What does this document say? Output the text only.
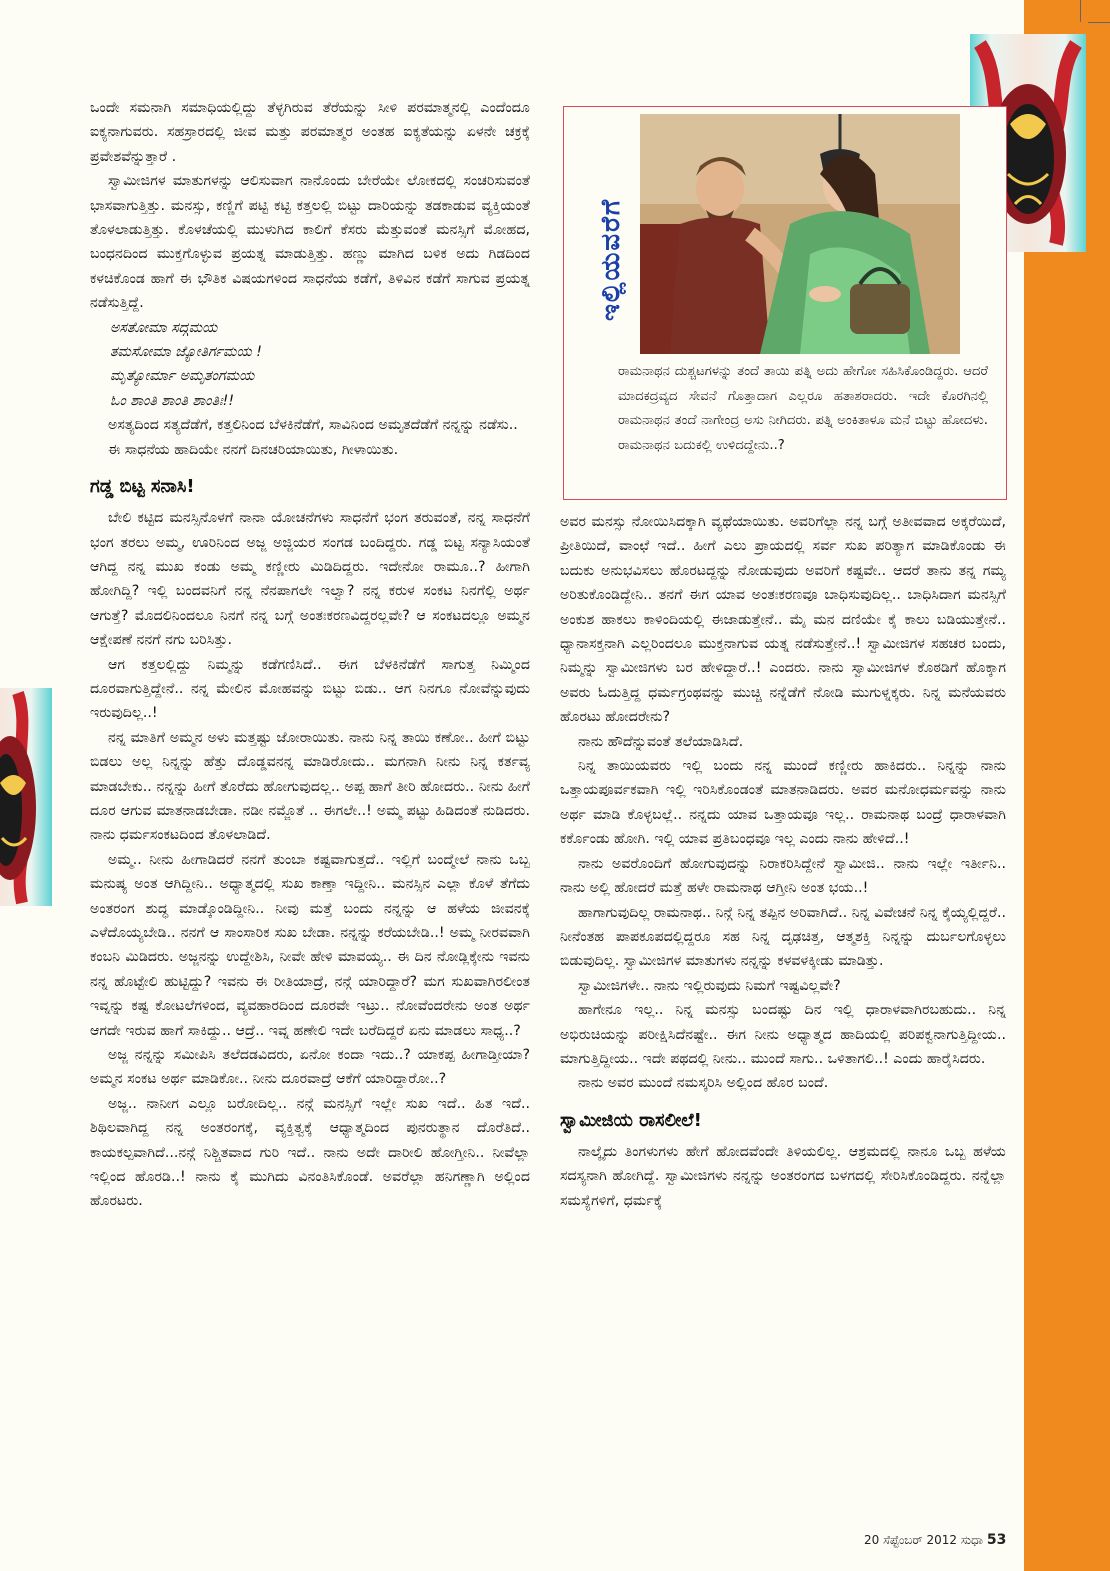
ಒಂದೇ ಸಮನಾಗಿ ಸಮಾಧಿಯಲ್ಲಿದ್ದು ತೆಳ್ಳಗಿರುವ ತೆರೆಯನ್ನು ಸೀಳಿ ಪರಮಾತ್ಮನಲ್ಲಿ ಎಂದೆಂದೂ ಐಕ್ಯನಾಗುವರು. ಸಹಸ್ರಾರದಲ್ಲಿ ಜೀವ ಮತ್ತು ಪರಮಾತ್ಮರ ಅಂತಹ ಐಕ್ಯತೆಯನ್ನು ಏಳನೇ ಚಕ್ರಕ್ಕೆ ಪ್ರವೇಶವೆನ್ನುತ್ತಾರೆ .

ಸ್ವಾಮೀಜಿಗಳ ಮಾತುಗಳನ್ನು ಆಲಿಸುವಾಗ ನಾನೊಂದು ಬೇರೆಯೇ ಲೋಕದಲ್ಲಿ ಸಂಚರಿಸುವಂತೆ ಭಾಸವಾಗುತ್ತಿತ್ತು. ಮನಸ್ಸು, ಕಣ್ಣಿಗೆ ಪಟ್ಟಿ ಕಟ್ಟಿ ಕತ್ತಲಲ್ಲಿ ಬಿಟ್ಟು ದಾರಿಯನ್ನು ತಡಕಾಡುವ ವ್ಯಕ್ತಿಯಂತೆ ತೊಳಲಾಡುತ್ತಿತ್ತು. ಕೊಳಚೆಯಲ್ಲಿ ಮುಳುಗಿದ ಕಾಲಿಗೆ ಕೆಸರು ಮೆತ್ತುವಂತೆ ಮನಸ್ಸಿಗೆ ಮೋಹದ, ಬಂಧನದಿಂದ ಮುಕ್ತಗೊಳ್ಳುವ ಪ್ರಯತ್ನ ಮಾಡುತ್ತಿತ್ತು. ಹಣ್ಣು ಮಾಗಿದ ಬಳಿಕ ಅದು ಗಿಡದಿಂದ ಕಳಚಿಕೊಂಡ ಹಾಗೆ ಈ ಭೌತಿಕ ವಿಷಯಗಳಿಂದ ಸಾಧನೆಯ ಕಡೆಗೆ, ತಿಳಿವಿನ ಕಡೆಗೆ ಸಾಗುವ ಪ್ರಯತ್ನ ನಡೆಸುತ್ತಿದ್ದೆ.

ಅಸತೋಮಾ ಸದ್ಗಮಯ

ತಮಸೋಮಾ ಜ್ಯೋತಿರ್ಗಮಯ !

ಮೃತ್ಯೋರ್ಮಾ ಅಮೃತಂಗಮಯ

ಓಂ ಶಾಂತಿ ಶಾಂತಿ ಶಾಂತಿಃ!!

ಅಸತ್ಯದಿಂದ ಸತ್ಯದೆಡೆಗೆ, ಕತ್ತಲಿನಿಂದ ಬೆಳಕಿನೆಡೆಗೆ, ಸಾವಿನಿಂದ ಅಮೃತದೆಡೆಗೆ ನನ್ನನ್ನು ನಡೆಸು..

ಈ ಸಾಧನೆಯ ಹಾದಿಯೇ ನನಗೆ ದಿನಚರಿಯಾಯಿತು, ಗೀಳಾಯಿತು.

ಗಡ್ಡ ಬಿಟ್ಟ ಸನಾಸಿ!

ಬೇಲಿ ಕಟ್ಟಿದ ಮನಸ್ಸಿನೊಳಗೆ ನಾನಾ ಯೋಚನೆಗಳು ಸಾಧನೆಗೆ ಭಂಗ ತರುವಂತೆ, ನನ್ನ ಸಾಧನೆಗೆ ಭಂಗ ತರಲು ಅಮ್ಮ, ಊರಿನಿಂದ ಅಜ್ಜ ಅಜ್ಜಿಯರ ಸಂಗಡ ಬಂದಿದ್ದರು. ಗಡ್ಡ ಬಿಟ್ಟ ಸನ್ಯಾಸಿಯಂತೆ ಆಗಿದ್ದ ನನ್ನ ಮುಖ ಕಂಡು ಅಮ್ಮ ಕಣ್ಣೀರು ಮಿಡಿದಿದ್ದರು. ಇದೇನೋ ರಾಮೂ..? ಹೀಗಾಗಿ ಹೋಗಿದ್ದಿ? ಇಲ್ಲಿ ಬಂದವನಿಗೆ ನನ್ನ ನೆನಪಾಗಲೇ ಇಲ್ವಾ? ನನ್ನ ಕರುಳ ಸಂಕಟ ನಿನಗೆಲ್ಲಿ ಅರ್ಥ ಆಗುತ್ತೆ? ಮೊದಲಿನಿಂದಲೂ ನಿನಗೆ ನನ್ನ ಬಗ್ಗೆ ಅಂತಃಕರಣವಿದ್ದರಲ್ಲವೇ? ಆ ಸಂಕಟದಲ್ಲೂ ಅಮ್ಮನ ಆಕ್ಷೇಪಣೆ ನನಗೆ ನಗು ಬರಿಸಿತ್ತು.

ಆಗ ಕತ್ತಲಲ್ಲಿದ್ದು ನಿಮ್ಮನ್ನು ಕಡೆಗಣಿಸಿದೆ.. ಈಗ ಬೆಳಕಿನೆಡೆಗೆ ಸಾಗುತ್ತ ನಿಮ್ಮಿಂದ ದೂರವಾಗುತ್ತಿದ್ದೇನೆ.. ನನ್ನ ಮೇಲಿನ ಮೋಹವನ್ನು ಬಿಟ್ಟು ಬಿಡು.. ಆಗ ನಿನಗೂ ನೋವೆನ್ನುವುದು ಇರುವುದಿಲ್ಲ..!

ನನ್ನ ಮಾತಿಗೆ ಅಮ್ಮನ ಅಳು ಮತ್ತಷ್ಟು ಜೋರಾಯಿತು. ನಾನು ನಿನ್ನ ತಾಯಿ ಕಣೋ.. ಹೀಗೆ ಬಿಟ್ಟು ಬಿಡಲು ಅಲ್ಲ ನಿನ್ನನ್ನು ಹೆತ್ತು ದೊಡ್ಡವನನ್ನ ಮಾಡಿರೋದು.. ಮಗನಾಗಿ ನೀನು ನಿನ್ನ ಕರ್ತವ್ಯ ಮಾಡಬೇಕು.. ನನ್ನನ್ನು ಹೀಗೆ ತೊರೆದು ಹೋಗುವುದಲ್ಲ.. ಅಪ್ಪ ಹಾಗೆ ತೀರಿ ಹೋದರು.. ನೀನು ಹೀಗೆ ದೂರ ಆಗುವ ಮಾತನಾಡಬೇಡಾ. ನಡೀ ನಮ್ಜೊತೆ .. ಈಗಲೇ..! ಅಮ್ಮ ಪಟ್ಟು ಹಿಡಿದಂತೆ ನುಡಿದರು. ನಾನು ಧರ್ಮಸಂಕಟದಿಂದ ತೊಳಲಾಡಿದೆ.

ಅಮ್ಮ.. ನೀನು ಹೀಗಾಡಿದರೆ ನನಗೆ ತುಂಬಾ ಕಷ್ಟವಾಗುತ್ತದೆ.. ಇಲ್ಲಿಗೆ ಬಂದ್ಮೇಲೆ ನಾನು ಒಬ್ಬ ಮನುಷ್ಯ ಅಂತ ಆಗಿದ್ದೀನಿ.. ಅಧ್ಯಾತ್ಮದಲ್ಲಿ ಸುಖ ಕಾಣ್ತಾ ಇದ್ದೀನಿ.. ಮನಸ್ಸಿನ ಎಲ್ಲಾ ಕೊಳೆ ತೆಗೆದು ಅಂತರಂಗ ಶುದ್ಧ ಮಾಡ್ಕೊಂಡಿದ್ದೀನಿ.. ನೀವು ಮತ್ತೆ ಬಂದು ನನ್ನನ್ನು ಆ ಹಳೆಯ ಜೀವನಕ್ಕೆ ಎಳೆದೊಯ್ಯಬೇಡಿ.. ನನಗೆ ಆ ಸಾಂಸಾರಿಕ ಸುಖ ಬೇಡಾ. ನನ್ನನ್ನು ಕರೆಯಬೇಡಿ..! ಅಮ್ಮ ನೀರವವಾಗಿ ಕಂಬನಿ ಮಿಡಿದರು. ಅಜ್ಜನನ್ನು ಉದ್ದೇಶಿಸಿ, ನೀವೇ ಹೇಳಿ ಮಾವಯ್ಯ.. ಈ ದಿನ ನೋಡ್ಲಿಕ್ಕೇನು ಇವನು ನನ್ನ ಹೊಟ್ಟೇಲಿ ಹುಟ್ಟಿದ್ದು? ಇವನು ಈ ರೀತಿಯಾದ್ರೆ, ನನ್ಗೆ ಯಾರಿದ್ದಾರೆ? ಮಗ ಸುಖವಾಗಿರಲೀಂತ ಇವ್ನನ್ನು ಕಷ್ಟ ಕೋಟಲೆಗಳಿಂದ, ವ್ಯವಹಾರದಿಂದ ದೂರವೇ ಇಟ್ರು.. ನೋವೆಂದರೇನು ಅಂತ ಅರ್ಥ ಆಗದೇ ಇರುವ ಹಾಗೆ ಸಾಕಿದ್ದು.. ಆದ್ರೆ.. ಇವ್ನ ಹಣೇಲಿ ಇದೇ ಬರೆದಿದ್ದರೆ ಏನು ಮಾಡಲು ಸಾಧ್ಯ..?

ಅಜ್ಜ ನನ್ನನ್ನು ಸಮೀಪಿಸಿ ತಲೆದಡವಿದರು, ಏನೋ ಕಂದಾ ಇದು..? ಯಾಕಪ್ಪ ಹೀಗಾಡ್ತೀಯಾ? ಅಮ್ಮನ ಸಂಕಟ ಅರ್ಥ ಮಾಡಿಕೋ.. ನೀನು ದೂರವಾದ್ರೆ ಆಕೆಗೆ ಯಾರಿದ್ದಾರೋ..?

ಅಜ್ಜ.. ನಾನೀಗ ಎಲ್ಲೂ ಬರೋದಿಲ್ಲ.. ನನ್ಗೆ ಮನಸ್ಸಿಗೆ ಇಲ್ಲೇ ಸುಖ ಇದೆ.. ಹಿತ ಇದೆ.. ಶಿಥಿಲವಾಗಿದ್ದ ನನ್ನ ಅಂತರಂಗಕ್ಕೆ, ವ್ಯಕ್ತಿತ್ವಕ್ಕೆ ಆಧ್ಯಾತ್ಮದಿಂದ ಪುನರುತ್ಥಾನ ದೊರೆತಿದೆ.. ಕಾಯಕಲ್ಪವಾಗಿದೆ...ನನ್ಗೆ ನಿಶ್ಚಿತವಾದ ಗುರಿ ಇದೆ.. ನಾನು ಅದೇ ದಾರೀಲಿ ಹೋಗ್ತೀನಿ.. ನೀವೆಲ್ಲಾ ಇಲ್ಲಿಂದ ಹೊರಡಿ..! ನಾನು ಕೈ ಮುಗಿದು ವಿನಂತಿಸಿಕೊಂಡೆ. ಅವರೆಲ್ಲಾ ಹನಿಗಣ್ಣಾಗಿ ಅಲ್ಲಿಂದ ಹೊರಟರು.

ಇಲ್ಲಿಯವರೆಗೆ
ರಾಮನಾಥನ ದುಶ್ಚಟಗಳನ್ನು ತಂದೆ ತಾಯಿ ಪತ್ನಿ ಅದು ಹೇಗೋ ಸಹಿಸಿಕೊಂಡಿದ್ದರು. ಆದರೆ ಮಾದಕದ್ರವ್ಯದ ಸೇವನೆ ಗೊತ್ತಾದಾಗ ಎಲ್ಲರೂ ಹತಾಶರಾದರು. ಇದೇ ಕೊರಗಿನಲ್ಲಿ ರಾಮನಾಥನ ತಂದೆ ನಾಗೇಂದ್ರ ಅಸು ನೀಗಿದರು. ಪತ್ನಿ ಅಂಕಿತಾಳೂ ಮನೆ ಬಿಟ್ಟು ಹೋದಳು. ರಾಮನಾಥನ ಬದುಕಲ್ಲಿ ಉಳಿದದ್ದೇನು..?

ಅವರ ಮನಸ್ಸು ನೋಯಿಸಿದಕ್ಕಾಗಿ ವ್ಯಥೆಯಾಯಿತು. ಅವರಿಗೆಲ್ಲಾ ನನ್ನ ಬಗ್ಗೆ ಅತೀವವಾದ ಅಕ್ಕರೆಯಿದೆ, ಪ್ರೀತಿಯಿದೆ, ವಾಂಛೆ ಇದೆ.. ಹೀಗೆ ಎಲು ಪ್ರಾಯದಲ್ಲಿ ಸರ್ವ ಸುಖ ಪರಿತ್ಯಾಗ ಮಾಡಿಕೊಂಡು ಈ ಬದುಕು ಅನುಭವಿಸಲು ಹೊರಟದ್ದನ್ನು ನೋಡುವುದು ಅವರಿಗೆ ಕಷ್ಟವೇ.. ಆದರೆ ತಾನು ತನ್ನ ಗಮ್ಯ ಅರಿತುಕೊಂಡಿದ್ದೇನಿ.. ತನಗೆ ಈಗ ಯಾವ ಅಂತಃಕರಣವೂ ಬಾಧಿಸುವುದಿಲ್ಲ.. ಬಾಧಿಸಿದಾಗ ಮನಸ್ಸಿಗೆ ಅಂಕುಶ ಹಾಕಲು ಕಾಳಿಂದಿಯಲ್ಲಿ ಈಜಾಡುತ್ತೇನೆ.. ಮೈ ಮನ ದಣಿಯೇ ಕೈ ಕಾಲು ಬಡಿಯುತ್ತೇನೆ.. ಧ್ಯಾನಾಸಕ್ತನಾಗಿ ಎಲ್ಲರಿಂದಲೂ ಮುಕ್ತನಾಗುವ ಯತ್ನ ನಡೆಸುತ್ತೇನೆ..! ಸ್ವಾಮೀಜಿಗಳ ಸಹಚರ ಬಂದು, ನಿಮ್ಮನ್ನು ಸ್ವಾಮೀಜಿಗಳು ಬರ ಹೇಳಿದ್ದಾರೆ..! ಎಂದರು. ನಾನು ಸ್ವಾಮೀಜಿಗಳ ಕೊಠಡಿಗೆ ಹೊಕ್ಕಾಗ ಅವರು ಓದುತ್ತಿದ್ದ ಧರ್ಮಗ್ರಂಥವನ್ನು ಮುಚ್ಚಿ ನನ್ನೆಡೆಗೆ ನೋಡಿ ಮುಗುಳ್ನಕ್ಕರು. ನಿನ್ನ ಮನೆಯವರು ಹೊರಟು ಹೋದರೇನು?

ನಾನು ಹೌದೆನ್ನುವಂತೆ ತಲೆಯಾಡಿಸಿದೆ.

ನಿನ್ನ ತಾಯಿಯವರು ಇಲ್ಲಿ ಬಂದು ನನ್ನ ಮುಂದೆ ಕಣ್ಣೀರು ಹಾಕಿದರು.. ನಿನ್ನನ್ನು ನಾನು ಒತ್ತಾಯಪೂರ್ವಕವಾಗಿ ಇಲ್ಲಿ ಇರಿಸಿಕೊಂಡಂತೆ ಮಾತನಾಡಿದರು. ಅವರ ಮನೋಧರ್ಮವನ್ನು ನಾನು ಅರ್ಥ ಮಾಡಿ ಕೊಳ್ಳಬಲ್ಲೆ.. ನನ್ನದು ಯಾವ ಒತ್ತಾಯವೂ ಇಲ್ಲ.. ರಾಮನಾಥ ಬಂದ್ರೆ ಧಾರಾಳವಾಗಿ ಕರ್ಕೊಂಡು ಹೋಗಿ. ಇಲ್ಲಿ ಯಾವ ಪ್ರತಿಬಂಧವೂ ಇಲ್ಲ ಎಂದು ನಾನು ಹೇಳಿದೆ..!

ನಾನು ಅವರೊಂದಿಗೆ ಹೋಗುವುದನ್ನು ನಿರಾಕರಿಸಿದ್ದೇನೆ ಸ್ವಾಮೀಜಿ.. ನಾನು ಇಲ್ಲೇ ಇರ್ತೀನಿ.. ನಾನು ಅಲ್ಲಿ ಹೋದರೆ ಮತ್ತೆ ಹಳೇ ರಾಮನಾಥ ಆಗ್ತೀನಿ ಅಂತ ಭಯ..!

ಹಾಗಾಗುವುದಿಲ್ಲ ರಾಮನಾಥ.. ನಿನ್ಗೆ ನಿನ್ನ ತಪ್ಪಿನ ಅರಿವಾಗಿದೆ.. ನಿನ್ನ ವಿವೇಚನೆ ನಿನ್ನ ಕೈಯ್ಯಲ್ಲಿದ್ದರೆ.. ನೀನೆಂತಹ ಪಾಪಕೂಪದಲ್ಲಿದ್ದರೂ ಸಹ ನಿನ್ನ ದೃಢಚಿತ್ತ, ಆತ್ಮಶಕ್ತಿ ನಿನ್ನನ್ನು ದುರ್ಬಲಗೊಳ್ಳಲು ಬಿಡುವುದಿಲ್ಲ. ಸ್ವಾಮೀಜಿಗಳ ಮಾತುಗಳು ನನ್ನನ್ನು ಕಳವಳಕ್ಕೀಡು ಮಾಡಿತ್ತು.

ಸ್ವಾಮೀಜಿಗಳೇ.. ನಾನು ಇಲ್ಲಿರುವುದು ನಿಮಗೆ ಇಷ್ಟವಿಲ್ಲವೇ?

ಹಾಗೇನೂ ಇಲ್ಲ.. ನಿನ್ನ ಮನಸ್ಸು ಬಂದಷ್ಟು ದಿನ ಇಲ್ಲಿ ಧಾರಾಳವಾಗಿರಬಹುದು.. ನಿನ್ನ ಅಭಿರುಚಿಯನ್ನು ಪರೀಕ್ಷಿಸಿದೆನಷ್ಟೇ.. ಈಗ ನೀನು ಅಧ್ಯಾತ್ಮದ ಹಾದಿಯಲ್ಲಿ ಪರಿಪಕ್ವನಾಗುತ್ತಿದ್ದೀಯ.. ಮಾಗುತ್ತಿದ್ದೀಯ.. ಇದೇ ಪಥದಲ್ಲಿ ನೀನು.. ಮುಂದೆ ಸಾಗು.. ಒಳಿತಾಗಲಿ..! ಎಂದು ಹಾರೈಸಿದರು.

ನಾನು ಅವರ ಮುಂದೆ ನಮಸ್ಕರಿಸಿ ಅಲ್ಲಿಂದ ಹೊರ ಬಂದೆ.

ಸ್ವಾಮೀಜಿಯ ರಾಸಲೀಲೆ!

ನಾಲ್ಕೈದು ತಿಂಗಳುಗಳು ಹೇಗೆ ಹೋದವೆಂದೇ ತಿಳಿಯಲಿಲ್ಲ. ಆಶ್ರಮದಲ್ಲಿ ನಾನೂ ಒಬ್ಬ ಹಳೆಯ ಸದಸ್ಯನಾಗಿ ಹೋಗಿದ್ದೆ. ಸ್ವಾಮೀಜಿಗಳು ನನ್ನನ್ನು ಅಂತರಂಗದ ಬಳಗದಲ್ಲಿ ಸೇರಿಸಿಕೊಂಡಿದ್ದರು. ನನ್ನೆಲ್ಲಾ ಸಮಸ್ಯೆಗಳಿಗೆ, ಧರ್ಮಕ್ಕೆ

20 ಸೆಪ್ಟೆಂಬರ್ 2012 ಸುಧಾ 53
